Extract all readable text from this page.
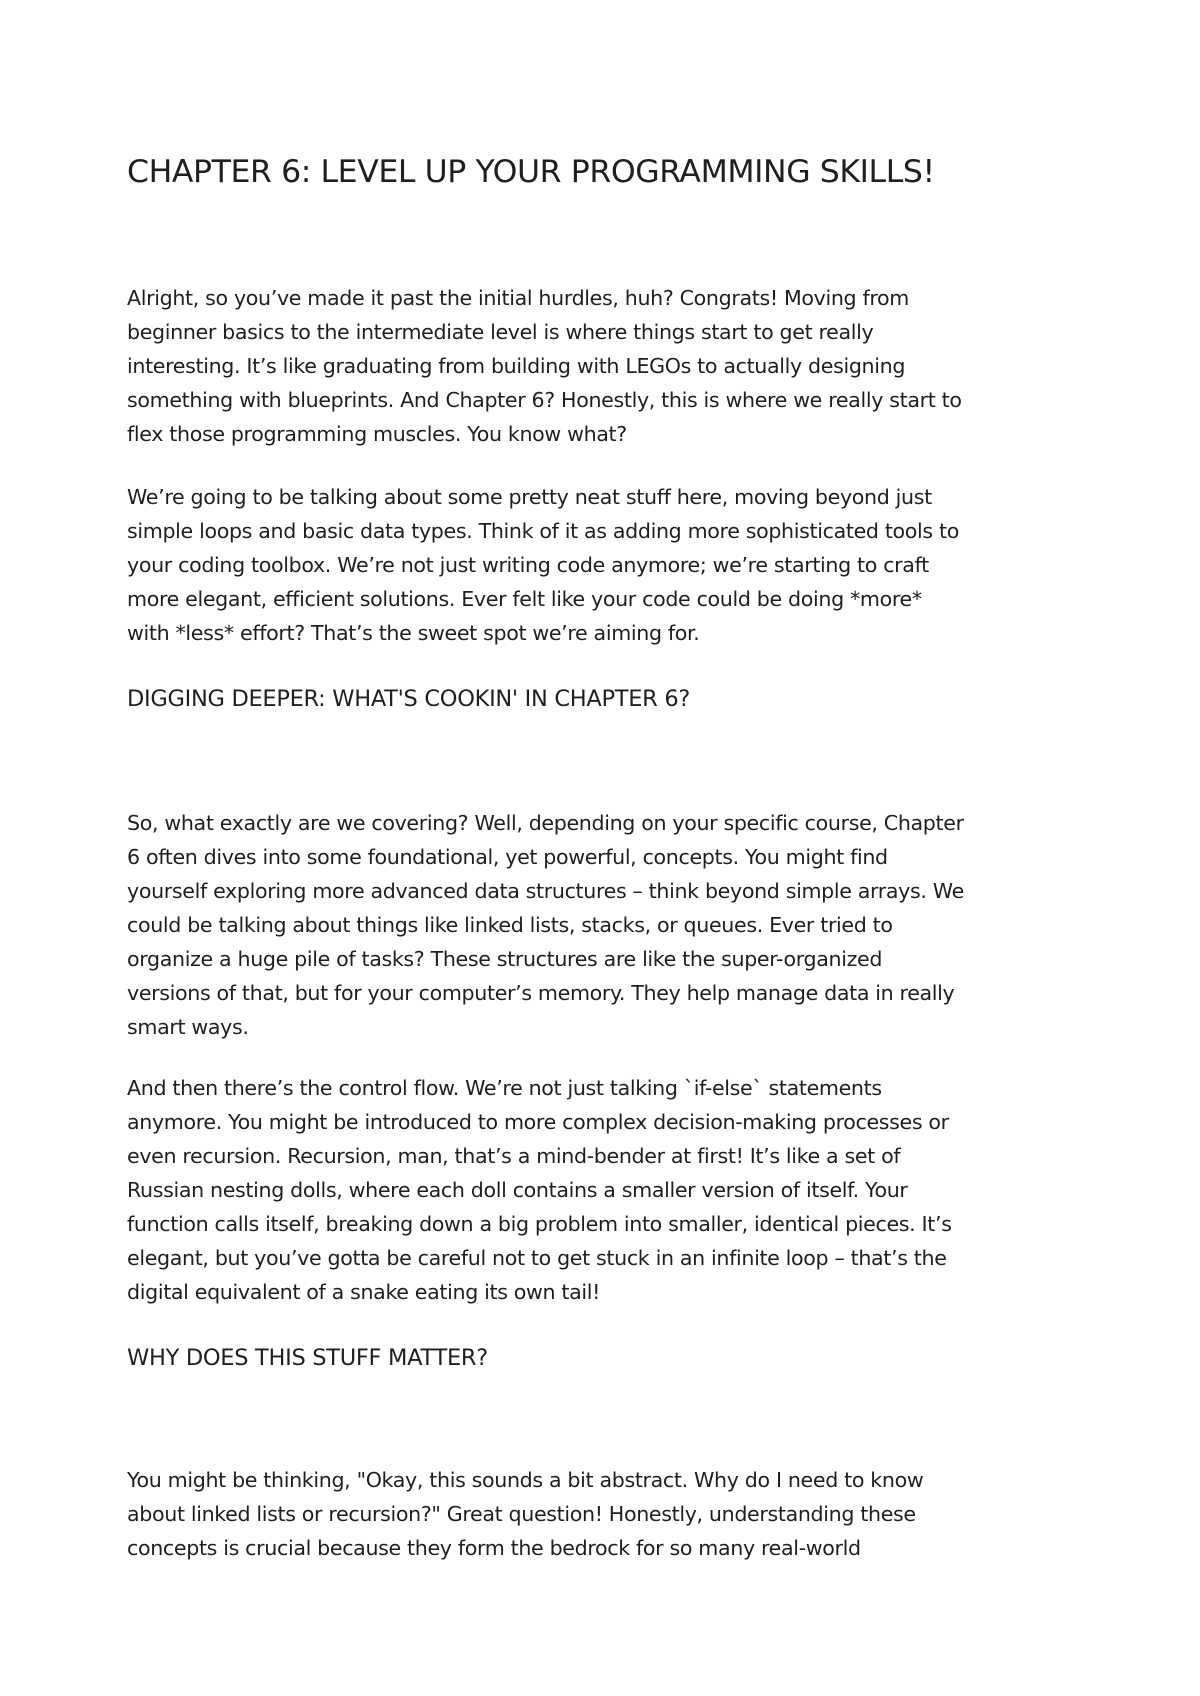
CHAPTER 6: LEVEL UP YOUR PROGRAMMING SKILLS!
Alright, so you’ve made it past the initial hurdles, huh? Congrats! Moving from
beginner basics to the intermediate level is where things start to get really
interesting. It’s like graduating from building with LEGOs to actually designing
something with blueprints. And Chapter 6? Honestly, this is where we really start to
flex those programming muscles. You know what?
We’re going to be talking about some pretty neat stuff here, moving beyond just
simple loops and basic data types. Think of it as adding more sophisticated tools to
your coding toolbox. We’re not just writing code anymore; we’re starting to craft
more elegant, efficient solutions. Ever felt like your code could be doing *more*
with *less* effort? That’s the sweet spot we’re aiming for.
DIGGING DEEPER: WHAT'S COOKIN' IN CHAPTER 6?
So, what exactly are we covering? Well, depending on your specific course, Chapter
6 often dives into some foundational, yet powerful, concepts. You might find
yourself exploring more advanced data structures – think beyond simple arrays. We
could be talking about things like linked lists, stacks, or queues. Ever tried to
organize a huge pile of tasks? These structures are like the super-organized
versions of that, but for your computer’s memory. They help manage data in really
smart ways.
And then there’s the control flow. We’re not just talking `if-else` statements
anymore. You might be introduced to more complex decision-making processes or
even recursion. Recursion, man, that’s a mind-bender at first! It’s like a set of
Russian nesting dolls, where each doll contains a smaller version of itself. Your
function calls itself, breaking down a big problem into smaller, identical pieces. It’s
elegant, but you’ve gotta be careful not to get stuck in an infinite loop – that’s the
digital equivalent of a snake eating its own tail!
WHY DOES THIS STUFF MATTER?
You might be thinking, "Okay, this sounds a bit abstract. Why do I need to know
about linked lists or recursion?" Great question! Honestly, understanding these
concepts is crucial because they form the bedrock for so many real-world
